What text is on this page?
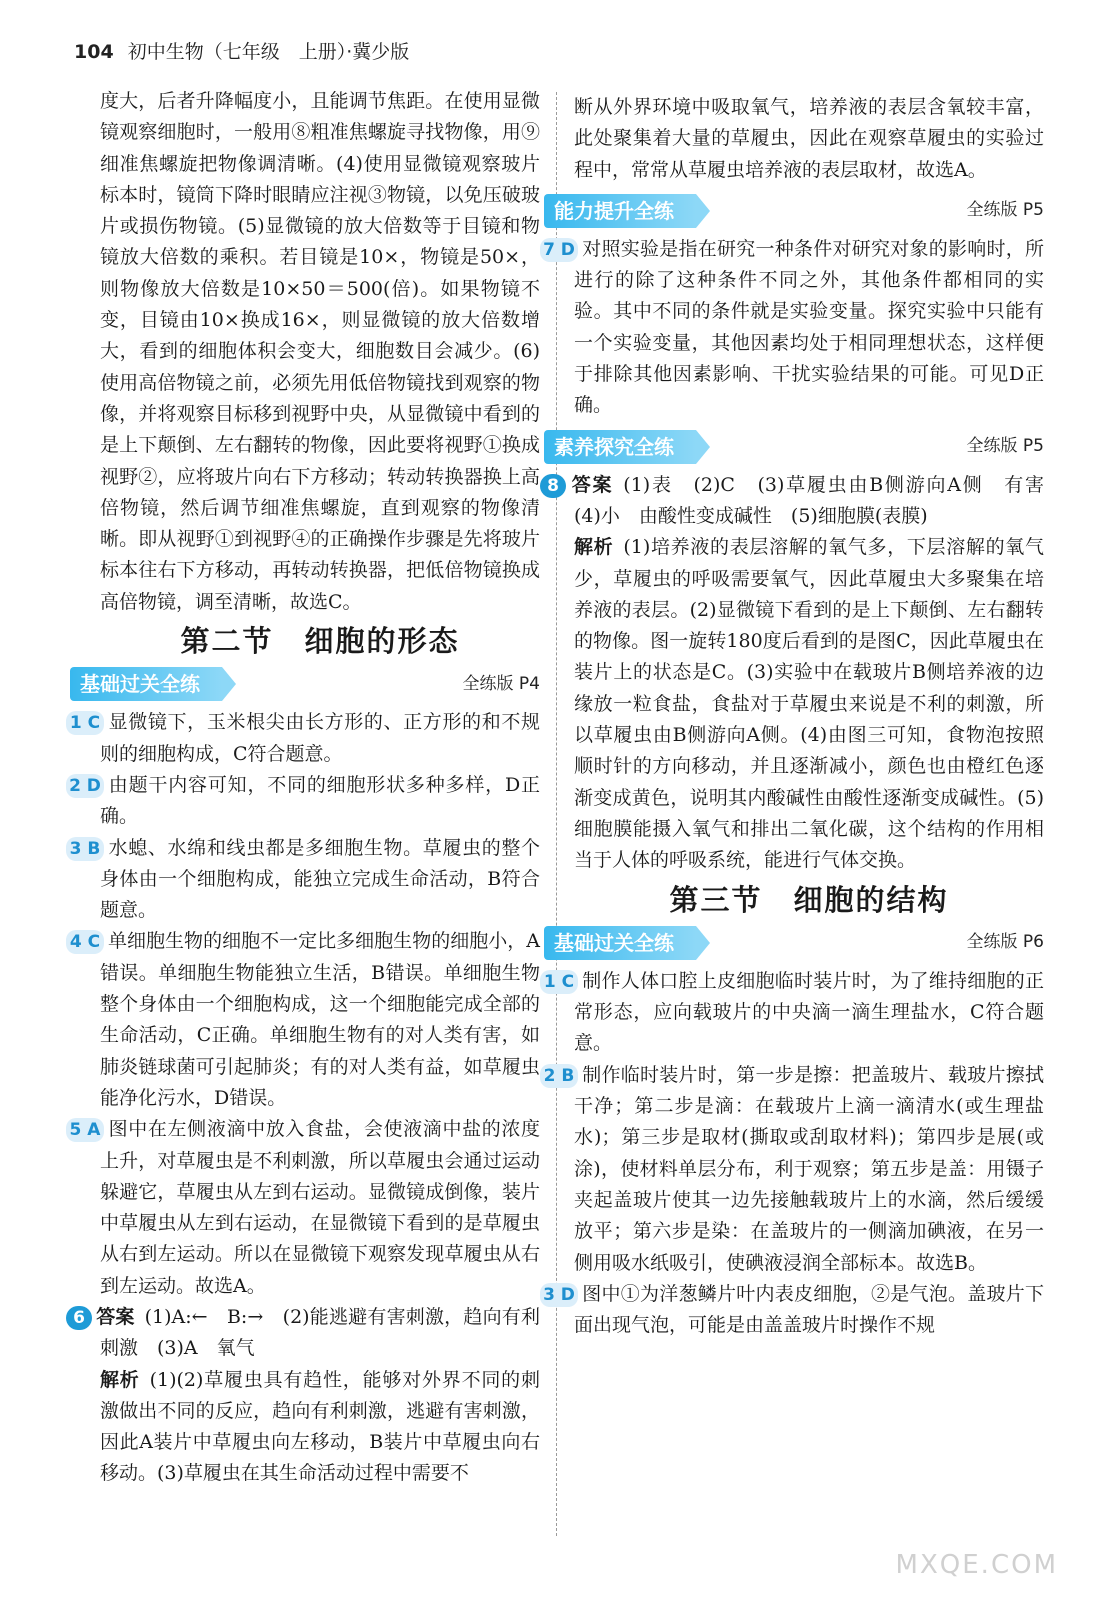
104 初中生物（七年级　上册）·冀少版

度大，后者升降幅度小，且能调节焦距。在使用显微镜观察细胞时，一般用⑧粗准焦螺旋寻找物像，用⑨细准焦螺旋把物像调清晰。(4)使用显微镜观察玻片标本时，镜筒下降时眼睛应注视③物镜，以免压破玻片或损伤物镜。(5)显微镜的放大倍数等于目镜和物镜放大倍数的乘积。若目镜是10×，物镜是50×，则物像放大倍数是10×50＝500(倍)。如果物镜不变，目镜由10×换成16×，则显微镜的放大倍数增大，看到的细胞体积会变大，细胞数目会减少。(6)使用高倍物镜之前，必须先用低倍物镜找到观察的物像，并将观察目标移到视野中央，从显微镜中看到的是上下颠倒、左右翻转的物像，因此要将视野①换成视野②，应将玻片向右下方移动；转动转换器换上高倍物镜，然后调节细准焦螺旋，直到观察的物像清晰。即从视野①到视野④的正确操作步骤是先将玻片标本往右下方移动，再转动转换器，把低倍物镜换成高倍物镜，调至清晰，故选C。

第二节　细胞的形态
基础过关全练	全练版 P4

1 C 显微镜下，玉米根尖由长方形的、正方形的和不规则的细胞构成，C符合题意。

2 D 由题干内容可知，不同的细胞形状多种多样，D正确。

3 B 水螅、水绵和线虫都是多细胞生物。草履虫的整个身体由一个细胞构成，能独立完成生命活动，B符合题意。

4 C 单细胞生物的细胞不一定比多细胞生物的细胞小，A错误。单细胞生物能独立生活，B错误。单细胞生物整个身体由一个细胞构成，这一个细胞能完成全部的生命活动，C正确。单细胞生物有的对人类有害，如肺炎链球菌可引起肺炎；有的对人类有益，如草履虫能净化污水，D错误。

5 A 图中在左侧液滴中放入食盐，会使液滴中盐的浓度上升，对草履虫是不利刺激，所以草履虫会通过运动躲避它，草履虫从左到右运动。显微镜成倒像，装片中草履虫从左到右运动，在显微镜下看到的是草履虫从右到左运动。所以在显微镜下观察发现草履虫从右到左运动。故选A。

6 答案 (1)A:←　B:→　(2)能逃避有害刺激，趋向有利刺激　(3)A　氧气

解析 (1)(2)草履虫具有趋性，能够对外界不同的刺激做出不同的反应，趋向有利刺激，逃避有害刺激，因此A装片中草履虫向左移动，B装片中草履虫向右移动。(3)草履虫在其生命活动过程中需要不

断从外界环境中吸取氧气，培养液的表层含氧较丰富，此处聚集着大量的草履虫，因此在观察草履虫的实验过程中，常常从草履虫培养液的表层取材，故选A。

能力提升全练	全练版 P5

7 D 对照实验是指在研究一种条件对研究对象的影响时，所进行的除了这种条件不同之外，其他条件都相同的实验。其中不同的条件就是实验变量。探究实验中只能有一个实验变量，其他因素均处于相同理想状态，这样便于排除其他因素影响、干扰实验结果的可能。可见D正确。

素养探究全练	全练版 P5

8 答案 (1)表　(2)C　(3)草履虫由B侧游向A侧　有害　(4)小　由酸性变成碱性　(5)细胞膜(表膜)

解析 (1)培养液的表层溶解的氧气多，下层溶解的氧气少，草履虫的呼吸需要氧气，因此草履虫大多聚集在培养液的表层。(2)显微镜下看到的是上下颠倒、左右翻转的物像。图一旋转180度后看到的是图C，因此草履虫在装片上的状态是C。(3)实验中在载玻片B侧培养液的边缘放一粒食盐，食盐对于草履虫来说是不利的刺激，所以草履虫由B侧游向A侧。(4)由图三可知，食物泡按照顺时针的方向移动，并且逐渐减小，颜色也由橙红色逐渐变成黄色，说明其内酸碱性由酸性逐渐变成碱性。(5)细胞膜能摄入氧气和排出二氧化碳，这个结构的作用相当于人体的呼吸系统，能进行气体交换。

第三节　细胞的结构
基础过关全练	全练版 P6

1 C 制作人体口腔上皮细胞临时装片时，为了维持细胞的正常形态，应向载玻片的中央滴一滴生理盐水，C符合题意。

2 B 制作临时装片时，第一步是擦：把盖玻片、载玻片擦拭干净；第二步是滴：在载玻片上滴一滴清水(或生理盐水)；第三步是取材(撕取或刮取材料)；第四步是展(或涂)，使材料单层分布，利于观察；第五步是盖：用镊子夹起盖玻片使其一边先接触载玻片上的水滴，然后缓缓放平；第六步是染：在盖玻片的一侧滴加碘液，在另一侧用吸水纸吸引，使碘液浸润全部标本。故选B。

3 D 图中①为洋葱鳞片叶内表皮细胞，②是气泡。盖玻片下面出现气泡，可能是由盖盖玻片时操作不规

MXQE.COM
